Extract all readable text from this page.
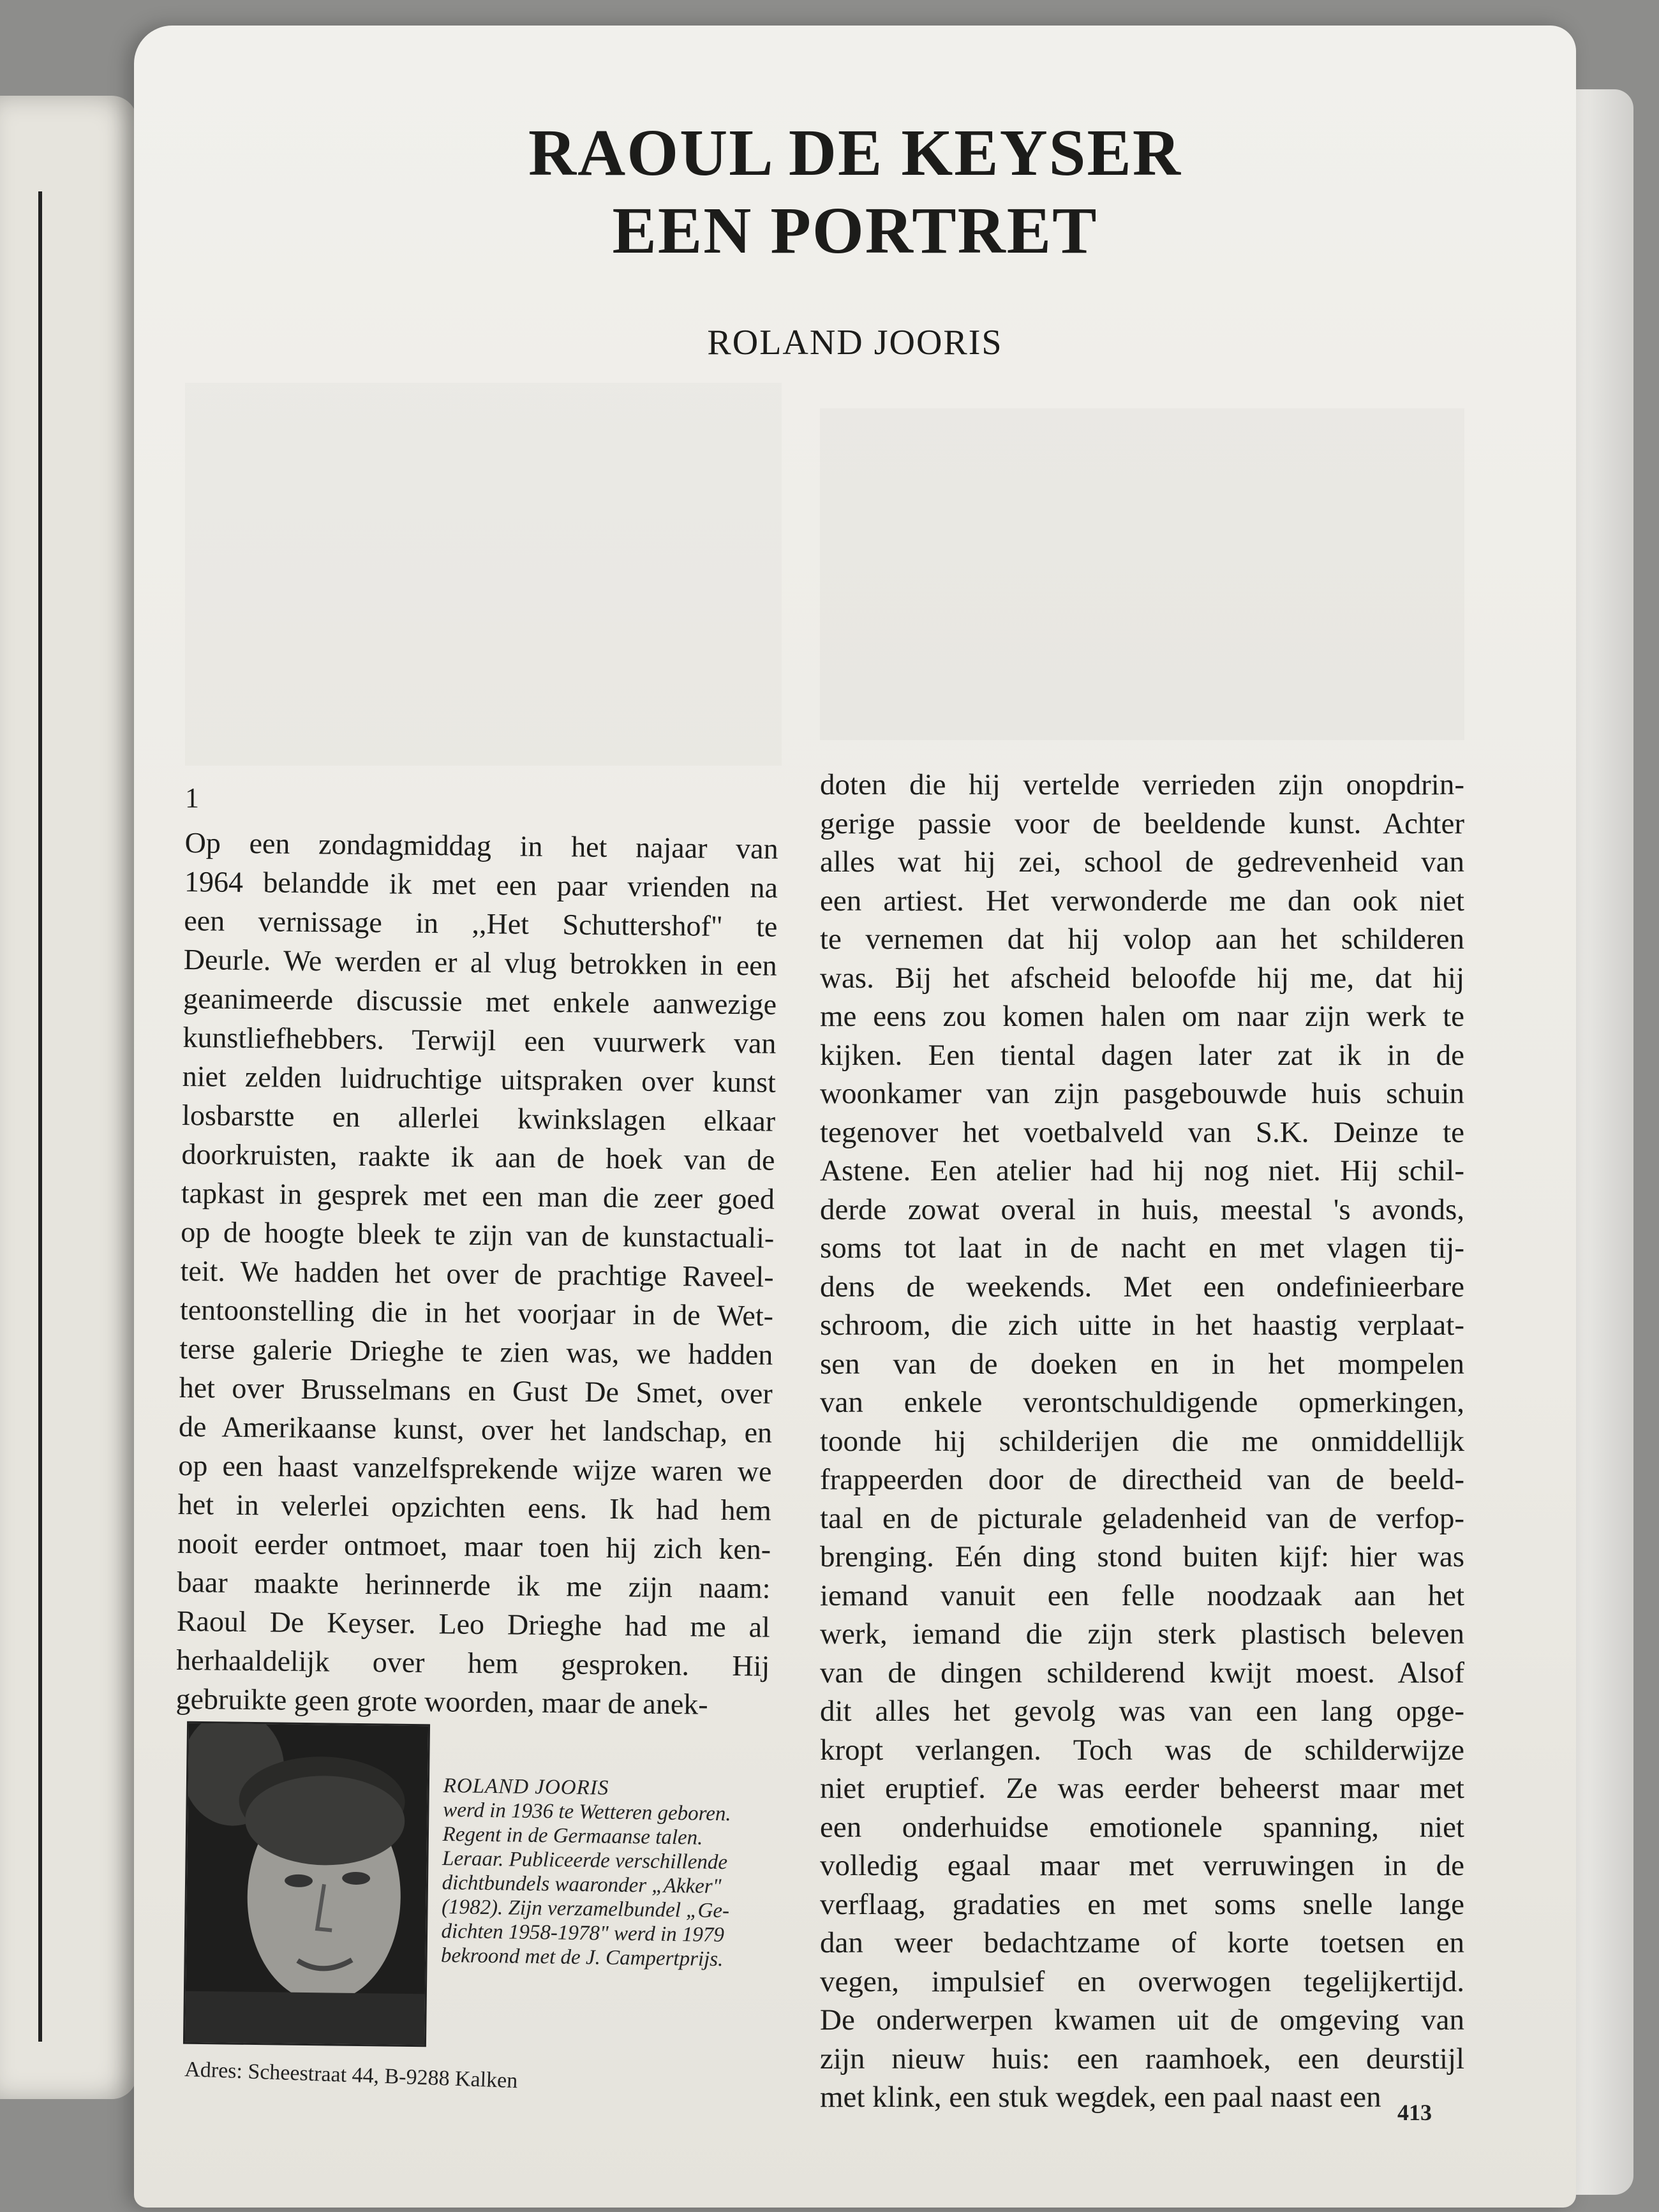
RAOUL DE KEYSER
EEN PORTRET
ROLAND JOORIS
1
Op een zondagmiddag in het najaar van
1964 belandde ik met een paar vrienden na
een vernissage in ,,Het Schuttershof" te
Deurle. We werden er al vlug betrokken in een
geanimeerde discussie met enkele aanwezige
kunstliefhebbers. Terwijl een vuurwerk van
niet zelden luidruchtige uitspraken over kunst
losbarstte en allerlei kwinkslagen elkaar
doorkruisten, raakte ik aan de hoek van de
tapkast in gesprek met een man die zeer goed
op de hoogte bleek te zijn van de kunstactuali-
teit. We hadden het over de prachtige Raveel-
tentoonstelling die in het voorjaar in de Wet-
terse galerie Drieghe te zien was, we hadden
het over Brusselmans en Gust De Smet, over
de Amerikaanse kunst, over het landschap, en
op een haast vanzelfsprekende wijze waren we
het in velerlei opzichten eens. Ik had hem
nooit eerder ontmoet, maar toen hij zich ken-
baar maakte herinnerde ik me zijn naam:
Raoul De Keyser. Leo Drieghe had me al
herhaaldelijk over hem gesproken. Hij
gebruikte geen grote woorden, maar de anek-
doten die hij vertelde verrieden zijn onopdrin-
gerige passie voor de beeldende kunst. Achter
alles wat hij zei, school de gedrevenheid van
een artiest. Het verwonderde me dan ook niet
te vernemen dat hij volop aan het schilderen
was. Bij het afscheid beloofde hij me, dat hij
me eens zou komen halen om naar zijn werk te
kijken. Een tiental dagen later zat ik in de
woonkamer van zijn pasgebouwde huis schuin
tegenover het voetbalveld van S.K. Deinze te
Astene. Een atelier had hij nog niet. Hij schil-
derde zowat overal in huis, meestal 's avonds,
soms tot laat in de nacht en met vlagen tij-
dens de weekends. Met een ondefinieerbare
schroom, die zich uitte in het haastig verplaat-
sen van de doeken en in het mompelen
van enkele verontschuldigende opmerkingen,
toonde hij schilderijen die me onmiddellijk
frappeerden door de directheid van de beeld-
taal en de picturale geladenheid van de verfop-
brenging. Eén ding stond buiten kijf: hier was
iemand vanuit een felle noodzaak aan het
werk, iemand die zijn sterk plastisch beleven
van de dingen schilderend kwijt moest. Alsof
dit alles het gevolg was van een lang opge-
kropt verlangen. Toch was de schilderwijze
niet eruptief. Ze was eerder beheerst maar met
een onderhuidse emotionele spanning, niet
volledig egaal maar met verruwingen in de
verflaag, gradaties en met soms snelle lange
dan weer bedachtzame of korte toetsen en
vegen, impulsief en overwogen tegelijkertijd.
De onderwerpen kwamen uit de omgeving van
zijn nieuw huis: een raamhoek, een deurstijl
met klink, een stuk wegdek, een paal naast een
ROLAND JOORIS
werd in 1936 te Wetteren geboren.
Regent in de Germaanse talen.
Leraar. Publiceerde verschillende
dichtbundels waaronder „Akker"
(1982). Zijn verzamelbundel „Ge-
dichten 1958-1978" werd in 1979
bekroond met de J. Campertprijs.
Adres: Scheestraat 44, B-9288 Kalken
413
